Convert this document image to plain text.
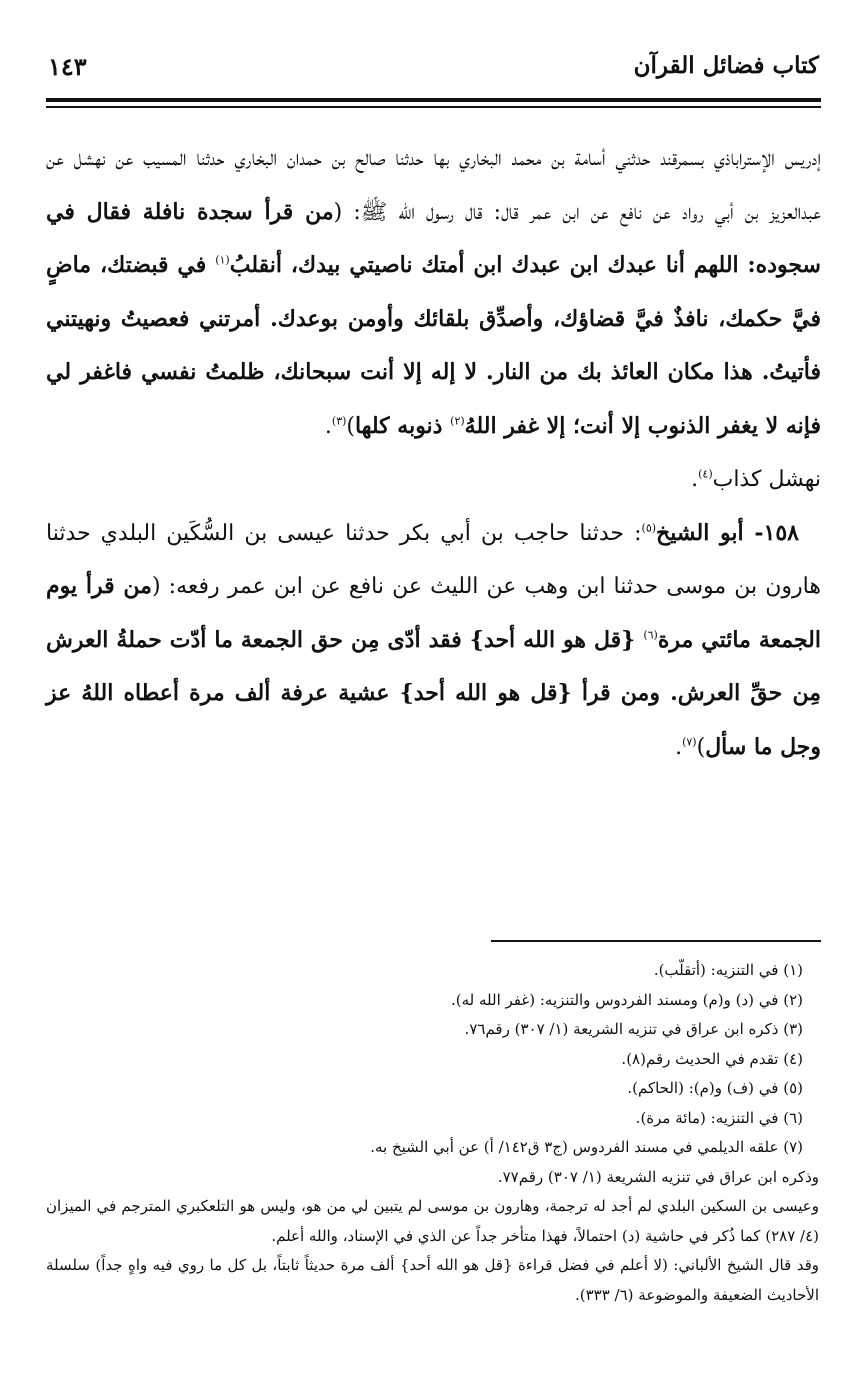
كتاب فضائل القرآن
١٤٣

إدريس الإستراباذي بسمرقند حدثني أسامة بن محمد البخاري بها حدثنا صالح بن حمدان البخاري حدثنا المسيب عن نهشل عن عبدالعزيز بن أبي رواد عن نافع عن ابن عمر قال: قال رسول الله ﷺ: (من قرأ سجدة نافلة فقال في سجوده: اللهم أنا عبدك ابن عبدك ابن أمتك ناصيتي بيدك، أنقلبُ$^{(١)}$ في قبضتك، ماضٍ فيَّ حكمك، نافذٌ فيَّ قضاؤك، وأصدِّق بلقائك وأومن بوعدك. أمرتني فعصيتُ ونهيتني فأتيتُ. هذا مكان العائذ بك من النار. لا إله إلا أنت سبحانك، ظلمتُ نفسي فاغفر لي فإنه لا يغفر الذنوب إلا أنت؛ إلا غفر اللهُ$^{(٢)}$ ذنوبه كلها)$^{(٣)}$.

نهشل كذاب$^{(٤)}$.

١٥٨- أبو الشيخ$^{(٥)}$: حدثنا حاجب بن أبي بكر حدثنا عيسى بن السُّكَين البلدي حدثنا هارون بن موسى حدثنا ابن وهب عن الليث عن نافع عن ابن عمر رفعه: (من قرأ يوم الجمعة مائتي مرة$^{(٦)}$ {قل هو الله أحد} فقد أدّى مِن حق الجمعة ما أدّت حملةُ العرش مِن حقِّ العرش. ومن قرأ {قل هو الله أحد} عشية عرفة ألف مرة أعطاه اللهُ عز وجل ما سأل)$^{(٧)}$.

(١) في التنزيه: (أتقلّب).

(٢) في (د) و(م) ومسند الفردوس والتنزيه: (غفر الله له).

(٣) ذكره ابن عراق في تنزيه الشريعة (١/ ٣٠٧) رقم٧٦.

(٤) تقدم في الحديث رقم(٨).

(٥) في (ف) و(م): (الحاكم).

(٦) في التنزيه: (مائة مرة).

(٧) علقه الديلمي في مسند الفردوس (ج٣ ق١٤٢/ أ) عن أبي الشيخ به.

وذكره ابن عراق في تنزيه الشريعة (١/ ٣٠٧) رقم٧٧.

وعيسى بن السكين البلدي لم أجد له ترجمة، وهارون بن موسى لم يتبين لي من هو، وليس هو التلعكبري المترجم في الميزان (٤/ ٢٨٧) كما ذُكر في حاشية (د) احتمالاً، فهذا متأخر جداً عن الذي في الإسناد، والله أعلم.

وقد قال الشيخ الألباني: (لا أعلم في فضل قراءة {قل هو الله أحد} ألف مرة حديثاً ثابتاً، بل كل ما روي فيه واهٍ جداً) سلسلة الأحاديث الضعيفة والموضوعة (٦/ ٣٣٣).
